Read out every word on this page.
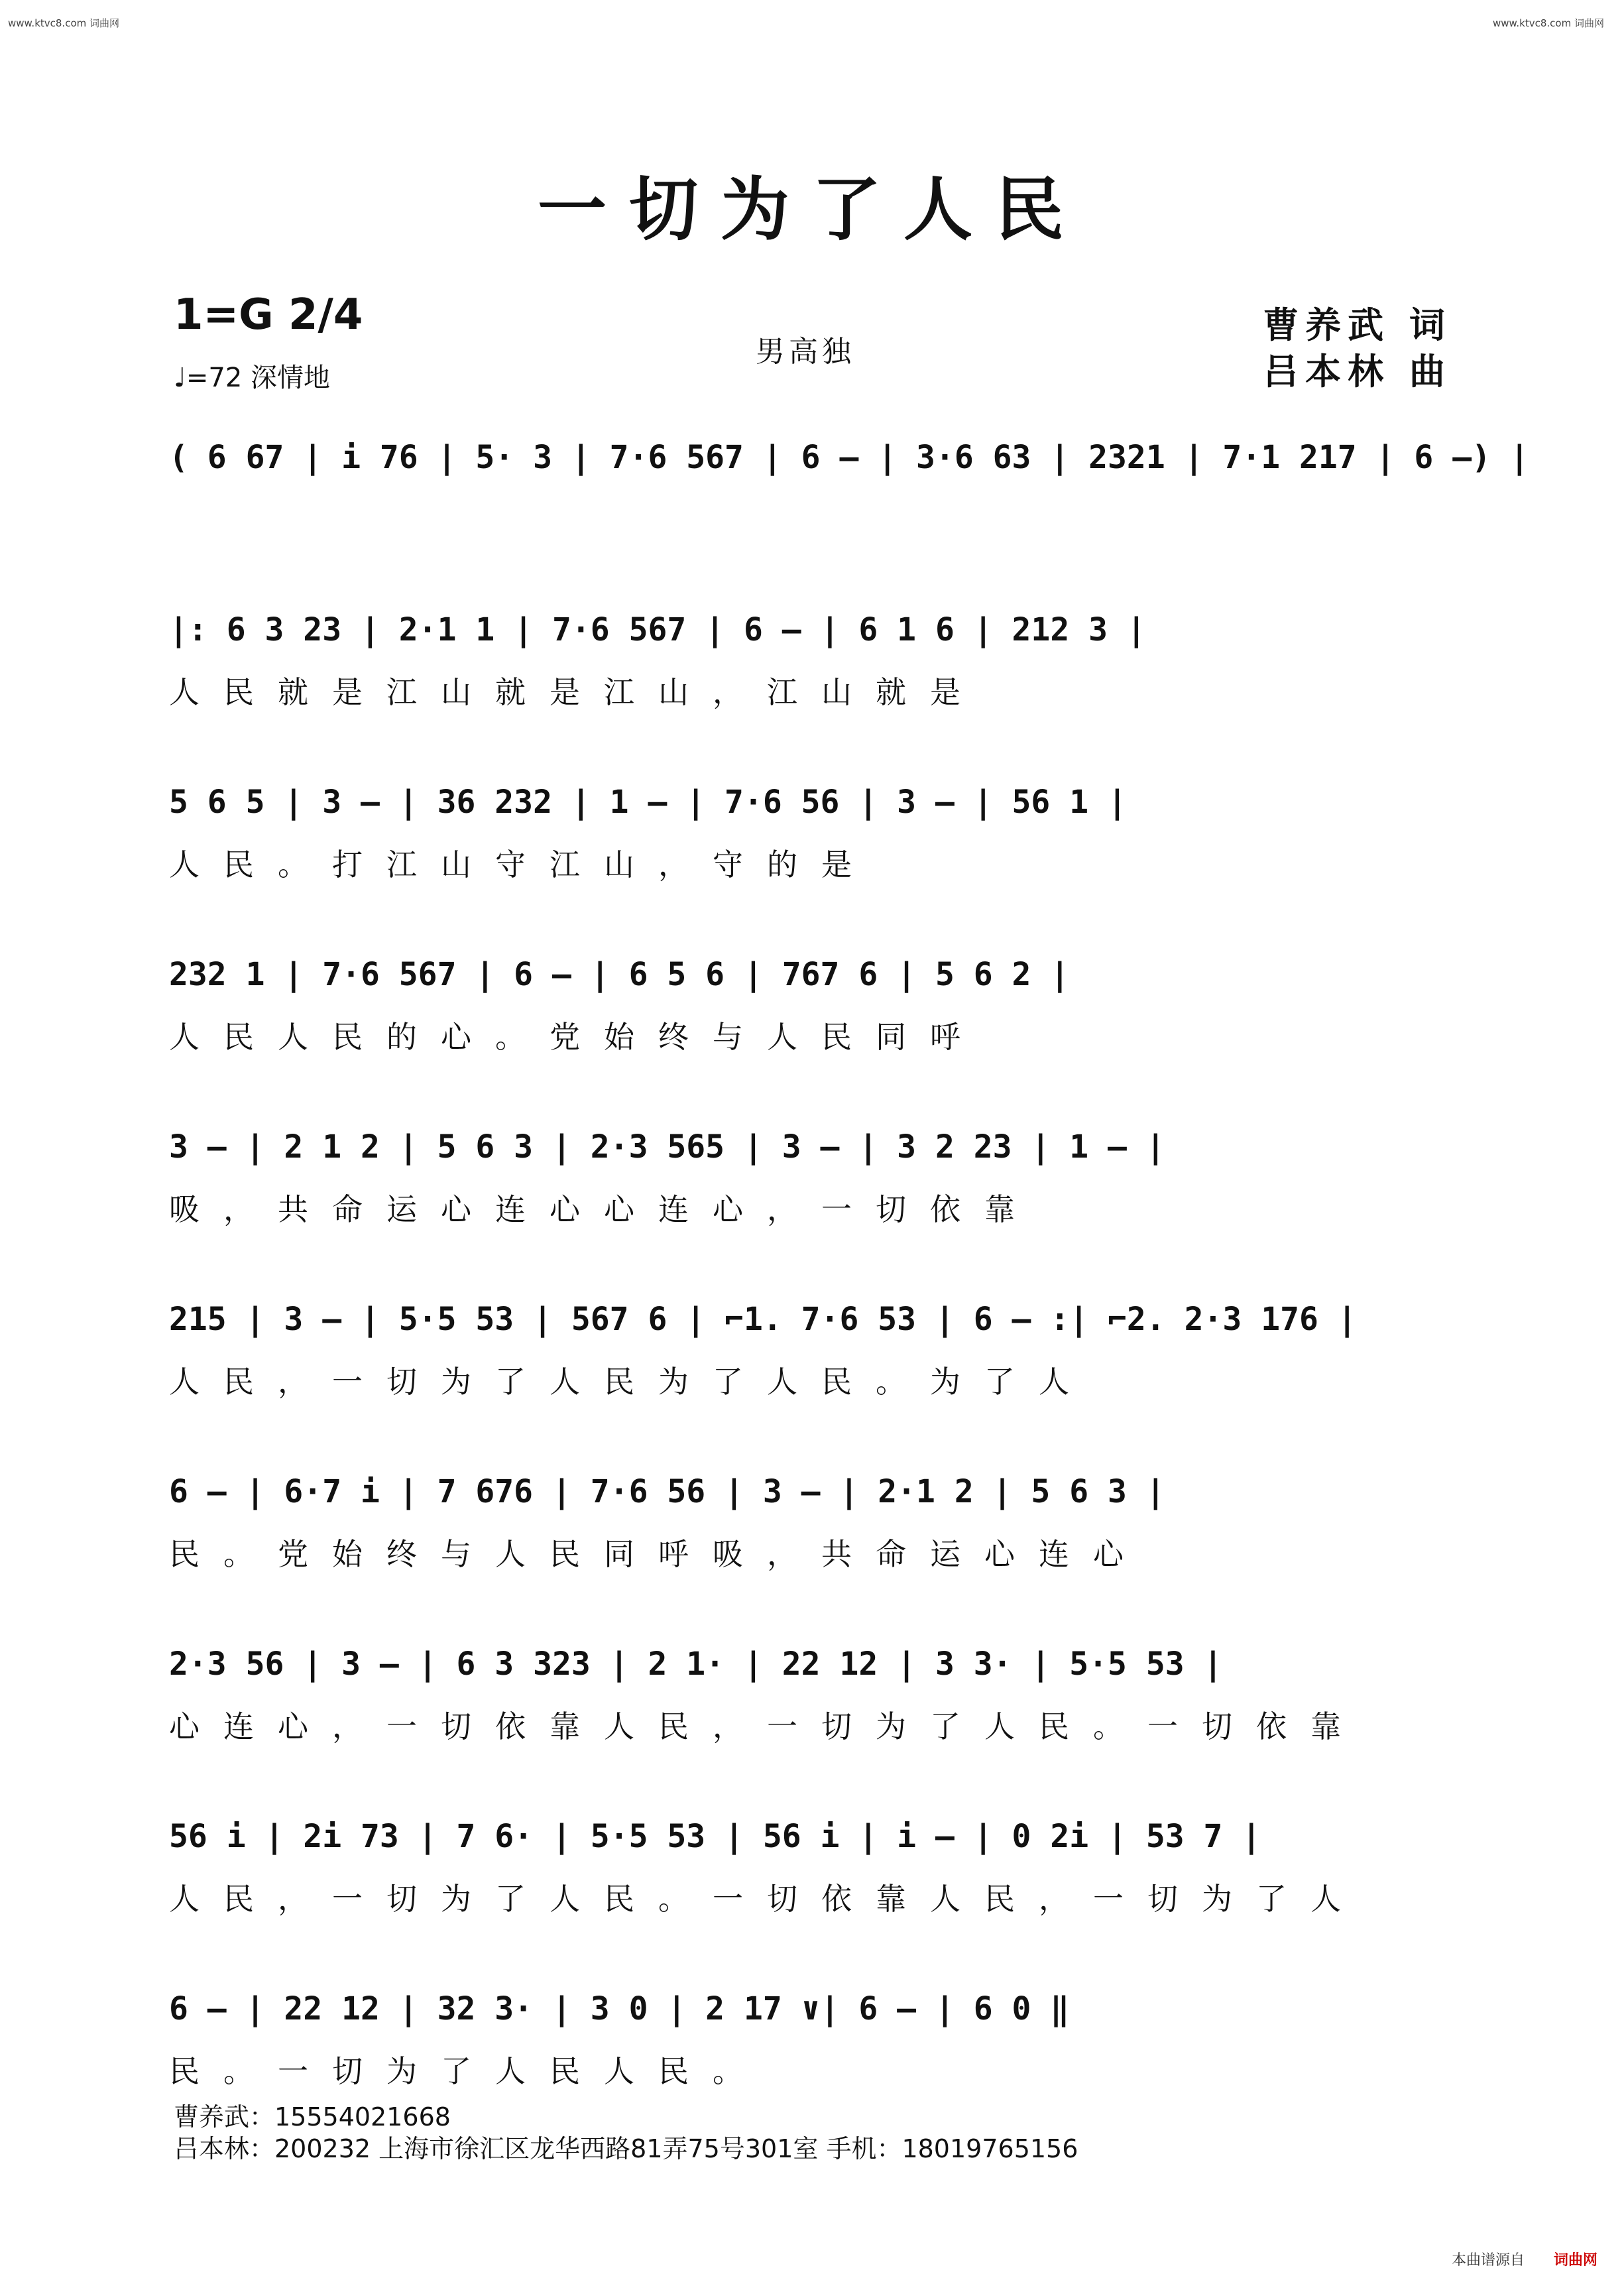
www.ktvc8.com 词曲网	www.ktvc8.com 词曲网
一切为了人民
1=G 2/4
♩=72 深情地
男高独
曹养武 词
吕本林 曲
( 6 67 | i 76 | 5· 3 | 7·6 567 | 6 – | 3·6 63 | 2321 | 7·1 217 | 6 –) |
|: 6 3 23 | 2·1 1 | 7·6 567 | 6 – | 6 1 6 | 212 3 |
人民就是江山就是江山，江山就是
5 6 5 | 3 – | 36 232 | 1 – | 7·6 56 | 3 – | 56 1 |
人民。打江山守江山，守的是
232 1 | 7·6 567 | 6 – | 6 5 6 | 767 6 | 5 6 2 |
人民人民的心。党始终与人民同呼
3 – | 2 1 2 | 5 6 3 | 2·3 565 | 3 – | 3 2 23 | 1 – |
吸，共命运心连心心连心，一切依靠
215 | 3 – | 5·5 53 | 567 6 | ⌐1. 7·6 53 | 6 – :| ⌐2. 2·3 176 |
人民，一切为了人民为了人民。为了人
6 – | 6·7 i | 7 676 | 7·6 56 | 3 – | 2·1 2 | 5 6 3 |
民。党始终与人民同呼吸，共命运心连心
2·3 56 | 3 – | 6 3 323 | 2 1· | 22 12 | 3 3· | 5·5 53 |
心连心，一切依靠人民，一切为了人民。一切依靠
56 i | 2i 73 | 7 6· | 5·5 53 | 56 i | i – | 0 2i | 53 7 |
人民，一切为了人民。一切依靠人民，一切为了人
6 – | 22 12 | 32 3· | 3 0 | 2 17 ∨| 6 – | 6 0 ‖
民。一切为了人民人民。
曹养武：15554021668
吕本林：200232 上海市徐汇区龙华西路81弄75号301室 手机：18019765156
本曲谱源自 词曲网
